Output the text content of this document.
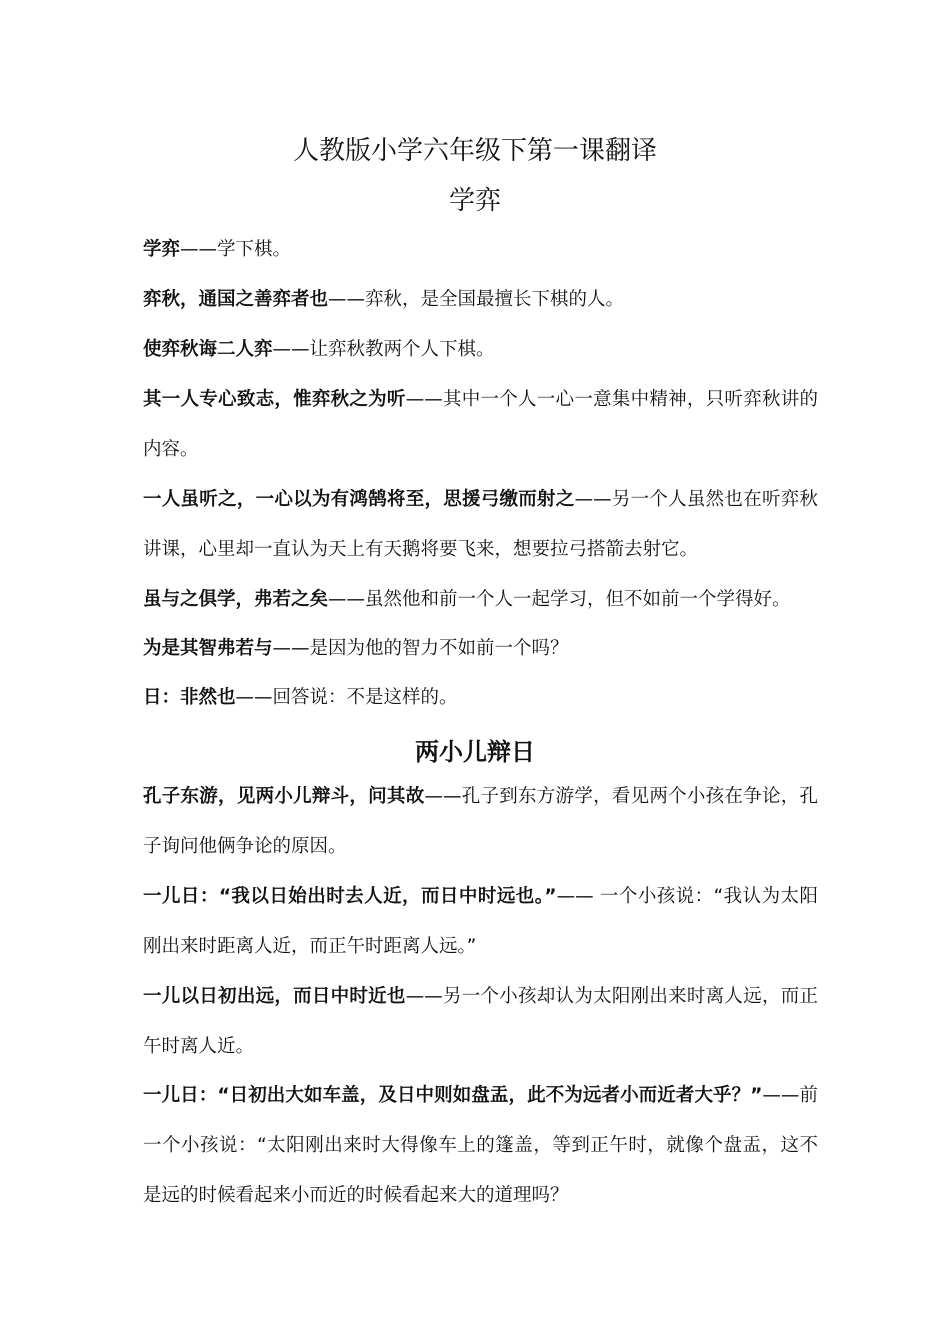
人教版小学六年级下第一课翻译
学弈

学弈——学下棋。

弈秋，通国之善弈者也——弈秋，是全国最擅长下棋的人。

使弈秋诲二人弈——让弈秋教两个人下棋。

其一人专心致志，惟弈秋之为听——其中一个人一心一意集中精神，只听弈秋讲的内容。

一人虽听之，一心以为有鸿鹄将至，思援弓缴而射之——另一个人虽然也在听弈秋讲课，心里却一直认为天上有天鹅将要飞来，想要拉弓搭箭去射它。

虽与之俱学，弗若之矣——虽然他和前一个人一起学习，但不如前一个学得好。

为是其智弗若与——是因为他的智力不如前一个吗？

日：非然也——回答说：不是这样的。

两小儿辩日

孔子东游，见两小儿辩斗，问其故——孔子到东方游学，看见两个小孩在争论，孔子询问他俩争论的原因。

一儿日：“我以日始出时去人近，而日中时远也。”—— 一个小孩说：“我认为太阳刚出来时距离人近，而正午时距离人远。”

一儿以日初出远，而日中时近也——另一个小孩却认为太阳刚出来时离人远，而正午时离人近。

一儿日：“日初出大如车盖，及日中则如盘盂，此不为远者小而近者大乎？”——前一个小孩说：“太阳刚出来时大得像车上的篷盖，等到正午时，就像个盘盂，这不是远的时候看起来小而近的时候看起来大的道理吗？
